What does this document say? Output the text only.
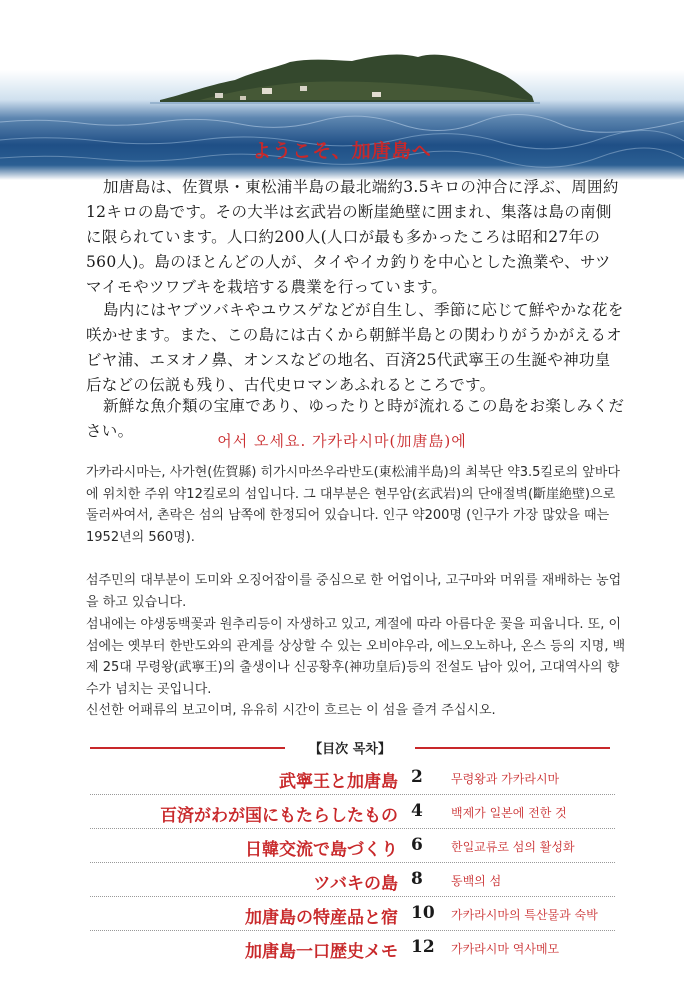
ようこそ、加唐島へ

加唐島は、佐賀県・東松浦半島の最北端約3.5キロの沖合に浮ぶ、周囲約12キロの島です。その大半は玄武岩の断崖絶壁に囲まれ、集落は島の南側に限られています。人口約200人(人口が最も多かったころは昭和27年の560人)。島のほとんどの人が、タイやイカ釣りを中心とした漁業や、サツマイモやツワブキを栽培する農業を行っています。

島内にはヤブツバキやユウスゲなどが自生し、季節に応じて鮮やかな花を咲かせます。また、この島には古くから朝鮮半島との関わりがうかがえるオビヤ浦、エヌオノ鼻、オンスなどの地名、百済25代武寧王の生誕や神功皇后などの伝説も残り、古代史ロマンあふれるところです。

新鮮な魚介類の宝庫であり、ゆったりと時が流れるこの島をお楽しみください。

어서 오세요. 가카라시마(加唐島)에

가카라시마는, 사가현(佐賀縣) 히가시마쓰우라반도(東松浦半島)의 최북단 약3.5킬로의 앞바다에 위치한 주위 약12킬로의 섬입니다. 그 대부분은 현무암(玄武岩)의 단애절벽(斷崖絶壁)으로 둘러싸여서, 촌락은 섬의 남쪽에 한정되어 있습니다. 인구 약200명 (인구가 가장 많았을 때는 1952년의 560명).

섬주민의 대부분이 도미와 오징어잡이를 중심으로 한 어업이나, 고구마와 머위를 재배하는 농업을 하고 있습니다.

섬내에는 야생동백꽃과 원추리등이 자생하고 있고, 계절에 따라 아름다운 꽃을 피웁니다. 또, 이 섬에는 옛부터 한반도와의 관계를 상상할 수 있는 오비야우라, 에느오노하나, 온스 등의 지명, 백제 25대 무령왕(武寧王)의 출생이나 신공황후(神功皇后)등의 전설도 남아 있어, 고대역사의 향수가 넘치는 곳입니다.

신선한 어패류의 보고이며, 유유히 시간이 흐르는 이 섬을 즐겨 주십시오.

【目次 목차】
武寧王と加唐島 2	무령왕과 가카라시마
百済がわが国にもたらしたもの 4	백제가 일본에 전한 것
日韓交流で島づくり 6	한일교류로 섬의 활성화
ツバキの島 8	동백의 섬
加唐島の特産品と宿 10	가카라시마의 특산물과 숙박
加唐島一口歴史メモ 12	가카라시마 역사메모
